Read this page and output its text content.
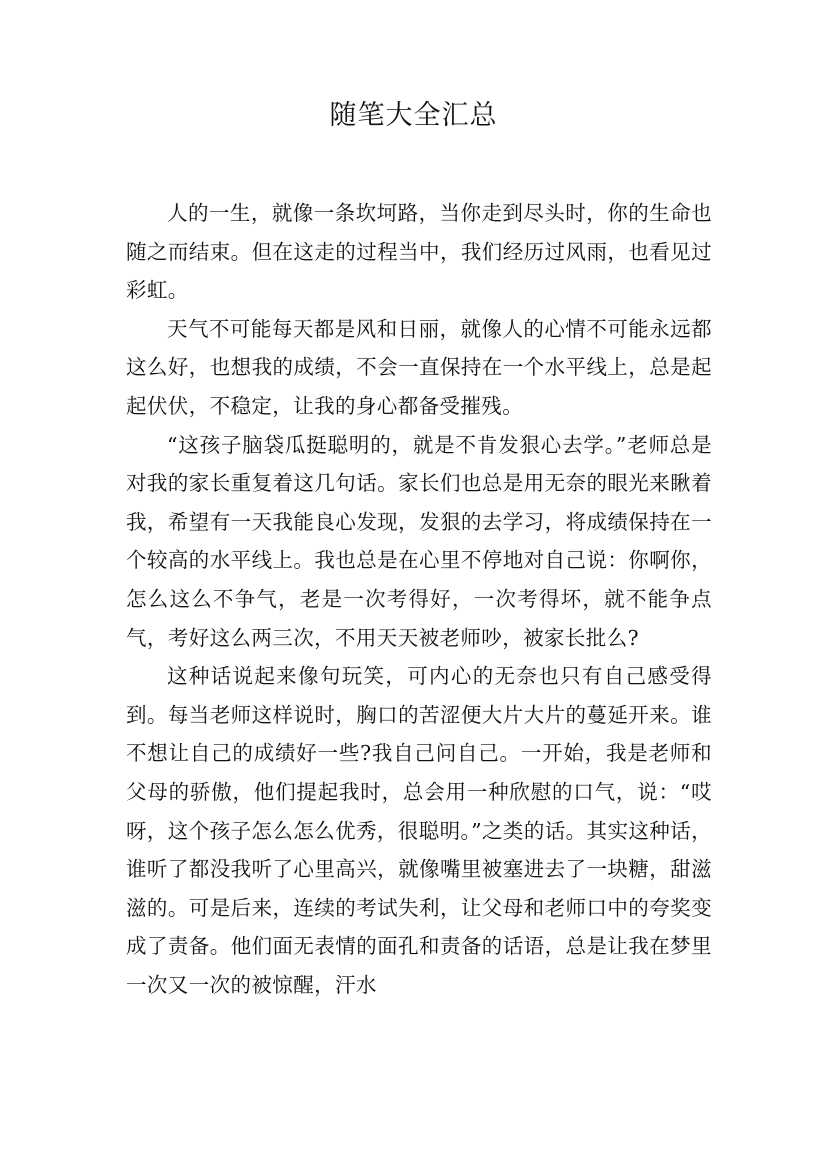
随笔大全汇总

人的一生，就像一条坎坷路，当你走到尽头时，你的生命也随之而结束。但在这走的过程当中，我们经历过风雨，也看见过彩虹。

天气不可能每天都是风和日丽，就像人的心情不可能永远都这么好，也想我的成绩，不会一直保持在一个水平线上，总是起起伏伏，不稳定，让我的身心都备受摧残。

“这孩子脑袋瓜挺聪明的，就是不肯发狠心去学。”老师总是对我的家长重复着这几句话。家长们也总是用无奈的眼光来瞅着我，希望有一天我能良心发现，发狠的去学习，将成绩保持在一个较高的水平线上。我也总是在心里不停地对自己说：你啊你，怎么这么不争气，老是一次考得好，一次考得坏，就不能争点气，考好这么两三次，不用天天被老师吵，被家长批么?

这种话说起来像句玩笑，可内心的无奈也只有自己感受得到。每当老师这样说时，胸口的苦涩便大片大片的蔓延开来。谁不想让自己的成绩好一些?我自己问自己。一开始，我是老师和父母的骄傲，他们提起我时，总会用一种欣慰的口气，说：“哎呀，这个孩子怎么怎么优秀，很聪明。”之类的话。其实这种话，谁听了都没我听了心里高兴，就像嘴里被塞进去了一块糖，甜滋滋的。可是后来，连续的考试失利，让父母和老师口中的夸奖变成了责备。他们面无表情的面孔和责备的话语，总是让我在梦里一次又一次的被惊醒，汗水
